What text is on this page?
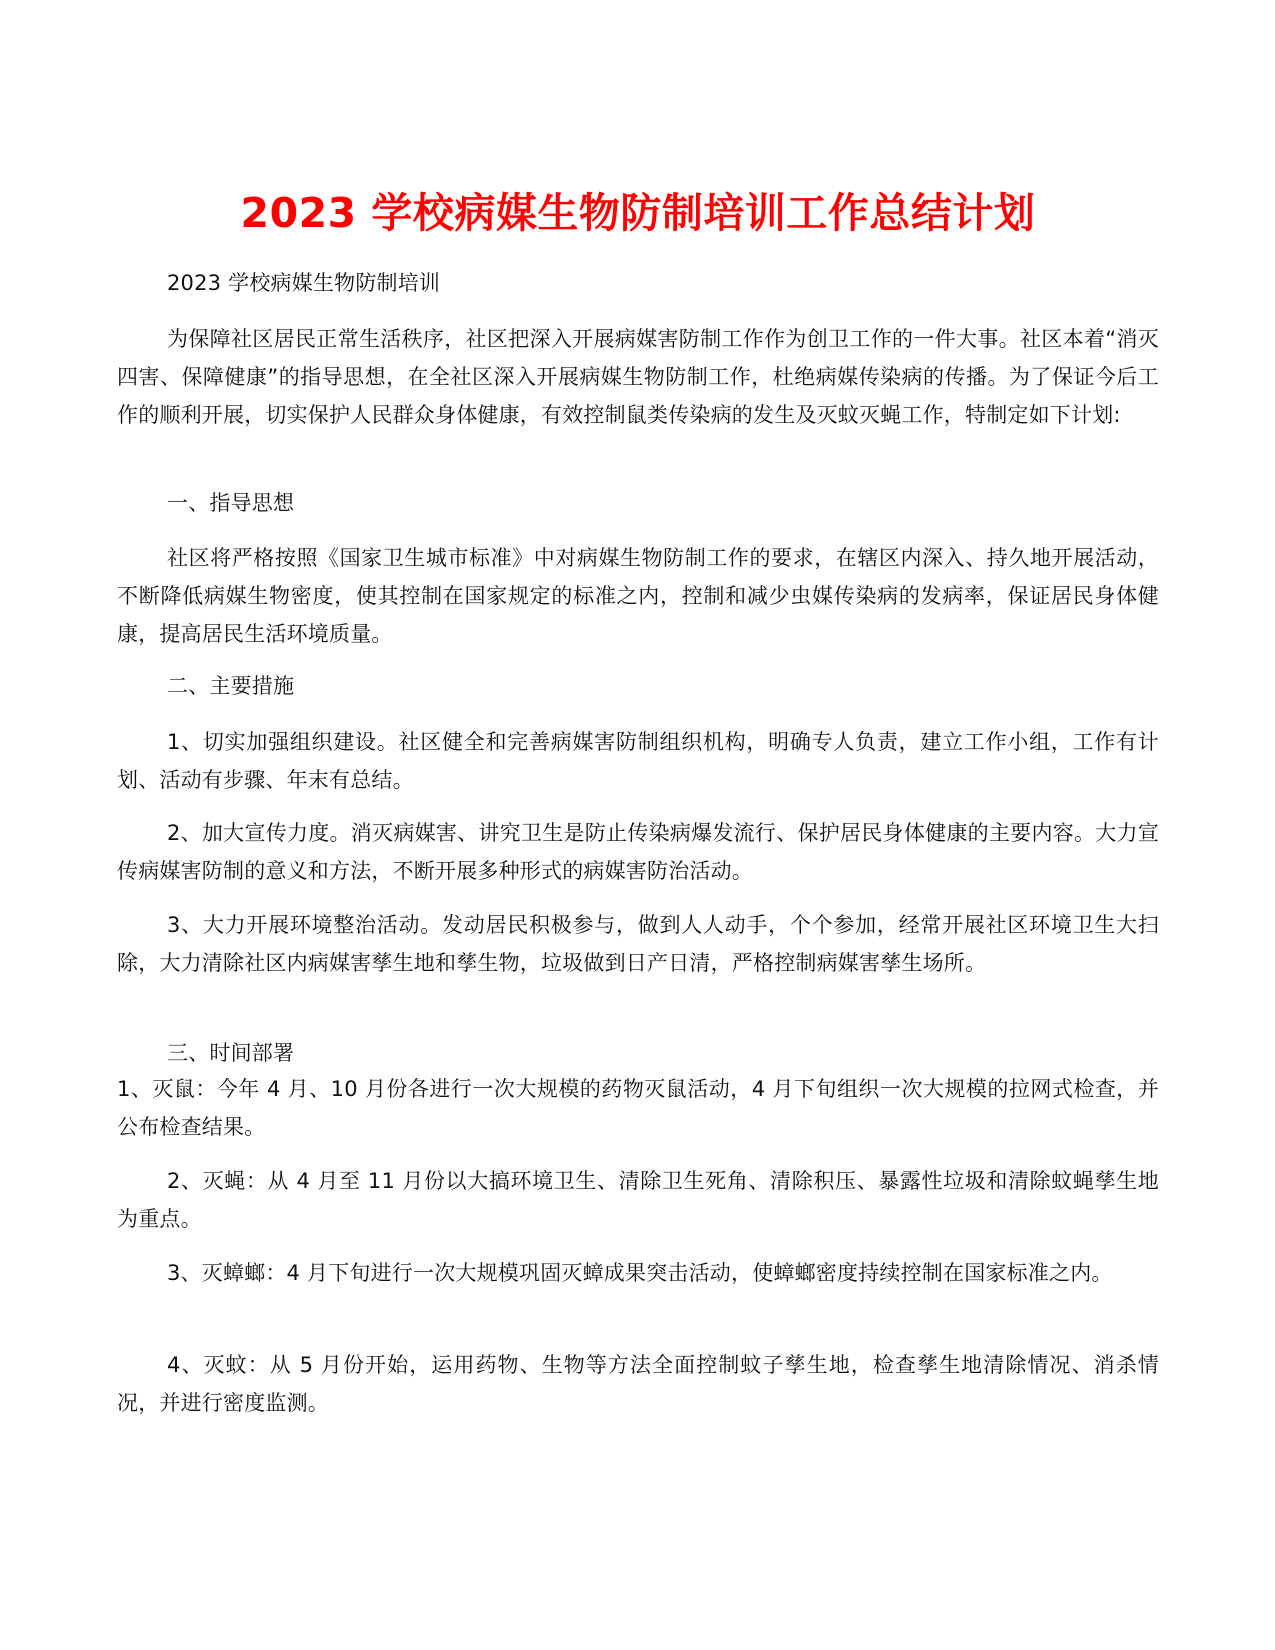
2023 学校病媒生物防制培训工作总结计划

2023 学校病媒生物防制培训

为保障社区居民正常生活秩序，社区把深入开展病媒害防制工作作为创卫工作的一件大事。社区本着“消灭四害、保障健康”的指导思想，在全社区深入开展病媒生物防制工作，杜绝病媒传染病的传播。为了保证今后工作的顺利开展，切实保护人民群众身体健康，有效控制鼠类传染病的发生及灭蚊灭蝇工作，特制定如下计划:

一、指导思想

社区将严格按照《国家卫生城市标准》中对病媒生物防制工作的要求，在辖区内深入、持久地开展活动，不断降低病媒生物密度，使其控制在国家规定的标准之内，控制和减少虫媒传染病的发病率，保证居民身体健康，提高居民生活环境质量。

二、主要措施

1、切实加强组织建设。社区健全和完善病媒害防制组织机构，明确专人负责，建立工作小组，工作有计划、活动有步骤、年末有总结。

2、加大宣传力度。消灭病媒害、讲究卫生是防止传染病爆发流行、保护居民身体健康的主要内容。大力宣传病媒害防制的意义和方法，不断开展多种形式的病媒害防治活动。

3、大力开展环境整治活动。发动居民积极参与，做到人人动手，个个参加，经常开展社区环境卫生大扫除，大力清除社区内病媒害孳生地和孳生物，垃圾做到日产日清，严格控制病媒害孳生场所。

三、时间部署

1、灭鼠：今年 4 月、10 月份各进行一次大规模的药物灭鼠活动，4 月下旬组织一次大规模的拉网式检查，并公布检查结果。

2、灭蝇：从 4 月至 11 月份以大搞环境卫生、清除卫生死角、清除积压、暴露性垃圾和清除蚊蝇孳生地为重点。

3、灭蟑螂：4 月下旬进行一次大规模巩固灭蟑成果突击活动，使蟑螂密度持续控制在国家标准之内。

4、灭蚊：从 5 月份开始，运用药物、生物等方法全面控制蚊子孳生地，检查孳生地清除情况、消杀情况，并进行密度监测。
